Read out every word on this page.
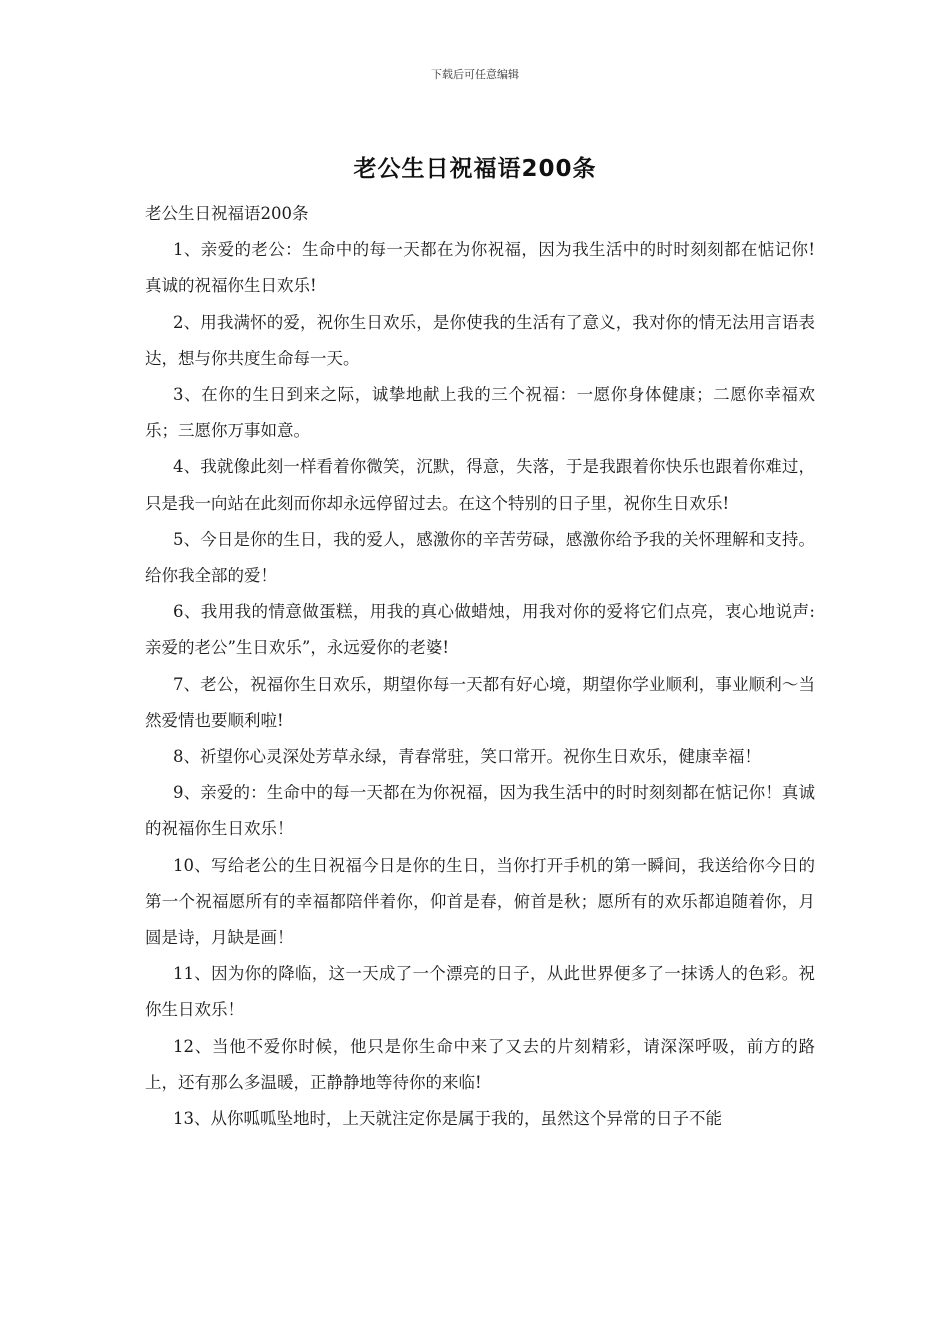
下载后可任意编辑
老公生日祝福语200条

老公生日祝福语200条

1、亲爱的老公：生命中的每一天都在为你祝福，因为我生活中的时时刻刻都在惦记你!真诚的祝福你生日欢乐!

2、用我满怀的爱，祝你生日欢乐，是你使我的生活有了意义，我对你的情无法用言语表达，想与你共度生命每一天。

3、在你的生日到来之际，诚挚地献上我的三个祝福：一愿你身体健康；二愿你幸福欢乐；三愿你万事如意。

4、我就像此刻一样看着你微笑，沉默，得意，失落，于是我跟着你快乐也跟着你难过，只是我一向站在此刻而你却永远停留过去。在这个特别的日子里，祝你生日欢乐!

5、今日是你的生日，我的爱人，感激你的辛苦劳碌，感激你给予我的关怀理解和支持。给你我全部的爱！

6、我用我的情意做蛋糕，用我的真心做蜡烛，用我对你的爱将它们点亮，衷心地说声:亲爱的老公”生日欢乐”，永远爱你的老婆!

7、老公，祝福你生日欢乐，期望你每一天都有好心境，期望你学业顺利，事业顺利～当然爱情也要顺利啦!

8、祈望你心灵深处芳草永绿，青春常驻，笑口常开。祝你生日欢乐，健康幸福！

9、亲爱的：生命中的每一天都在为你祝福，因为我生活中的时时刻刻都在惦记你！真诚的祝福你生日欢乐！

10、写给老公的生日祝福今日是你的生日，当你打开手机的第一瞬间，我送给你今日的第一个祝福愿所有的幸福都陪伴着你，仰首是春，俯首是秋；愿所有的欢乐都追随着你，月圆是诗，月缺是画！

11、因为你的降临，这一天成了一个漂亮的日子，从此世界便多了一抹诱人的色彩。祝你生日欢乐！

12、当他不爱你时候，他只是你生命中来了又去的片刻精彩，请深深呼吸，前方的路上，还有那么多温暖，正静静地等待你的来临!

13、从你呱呱坠地时，上天就注定你是属于我的，虽然这个异常的日子不能
